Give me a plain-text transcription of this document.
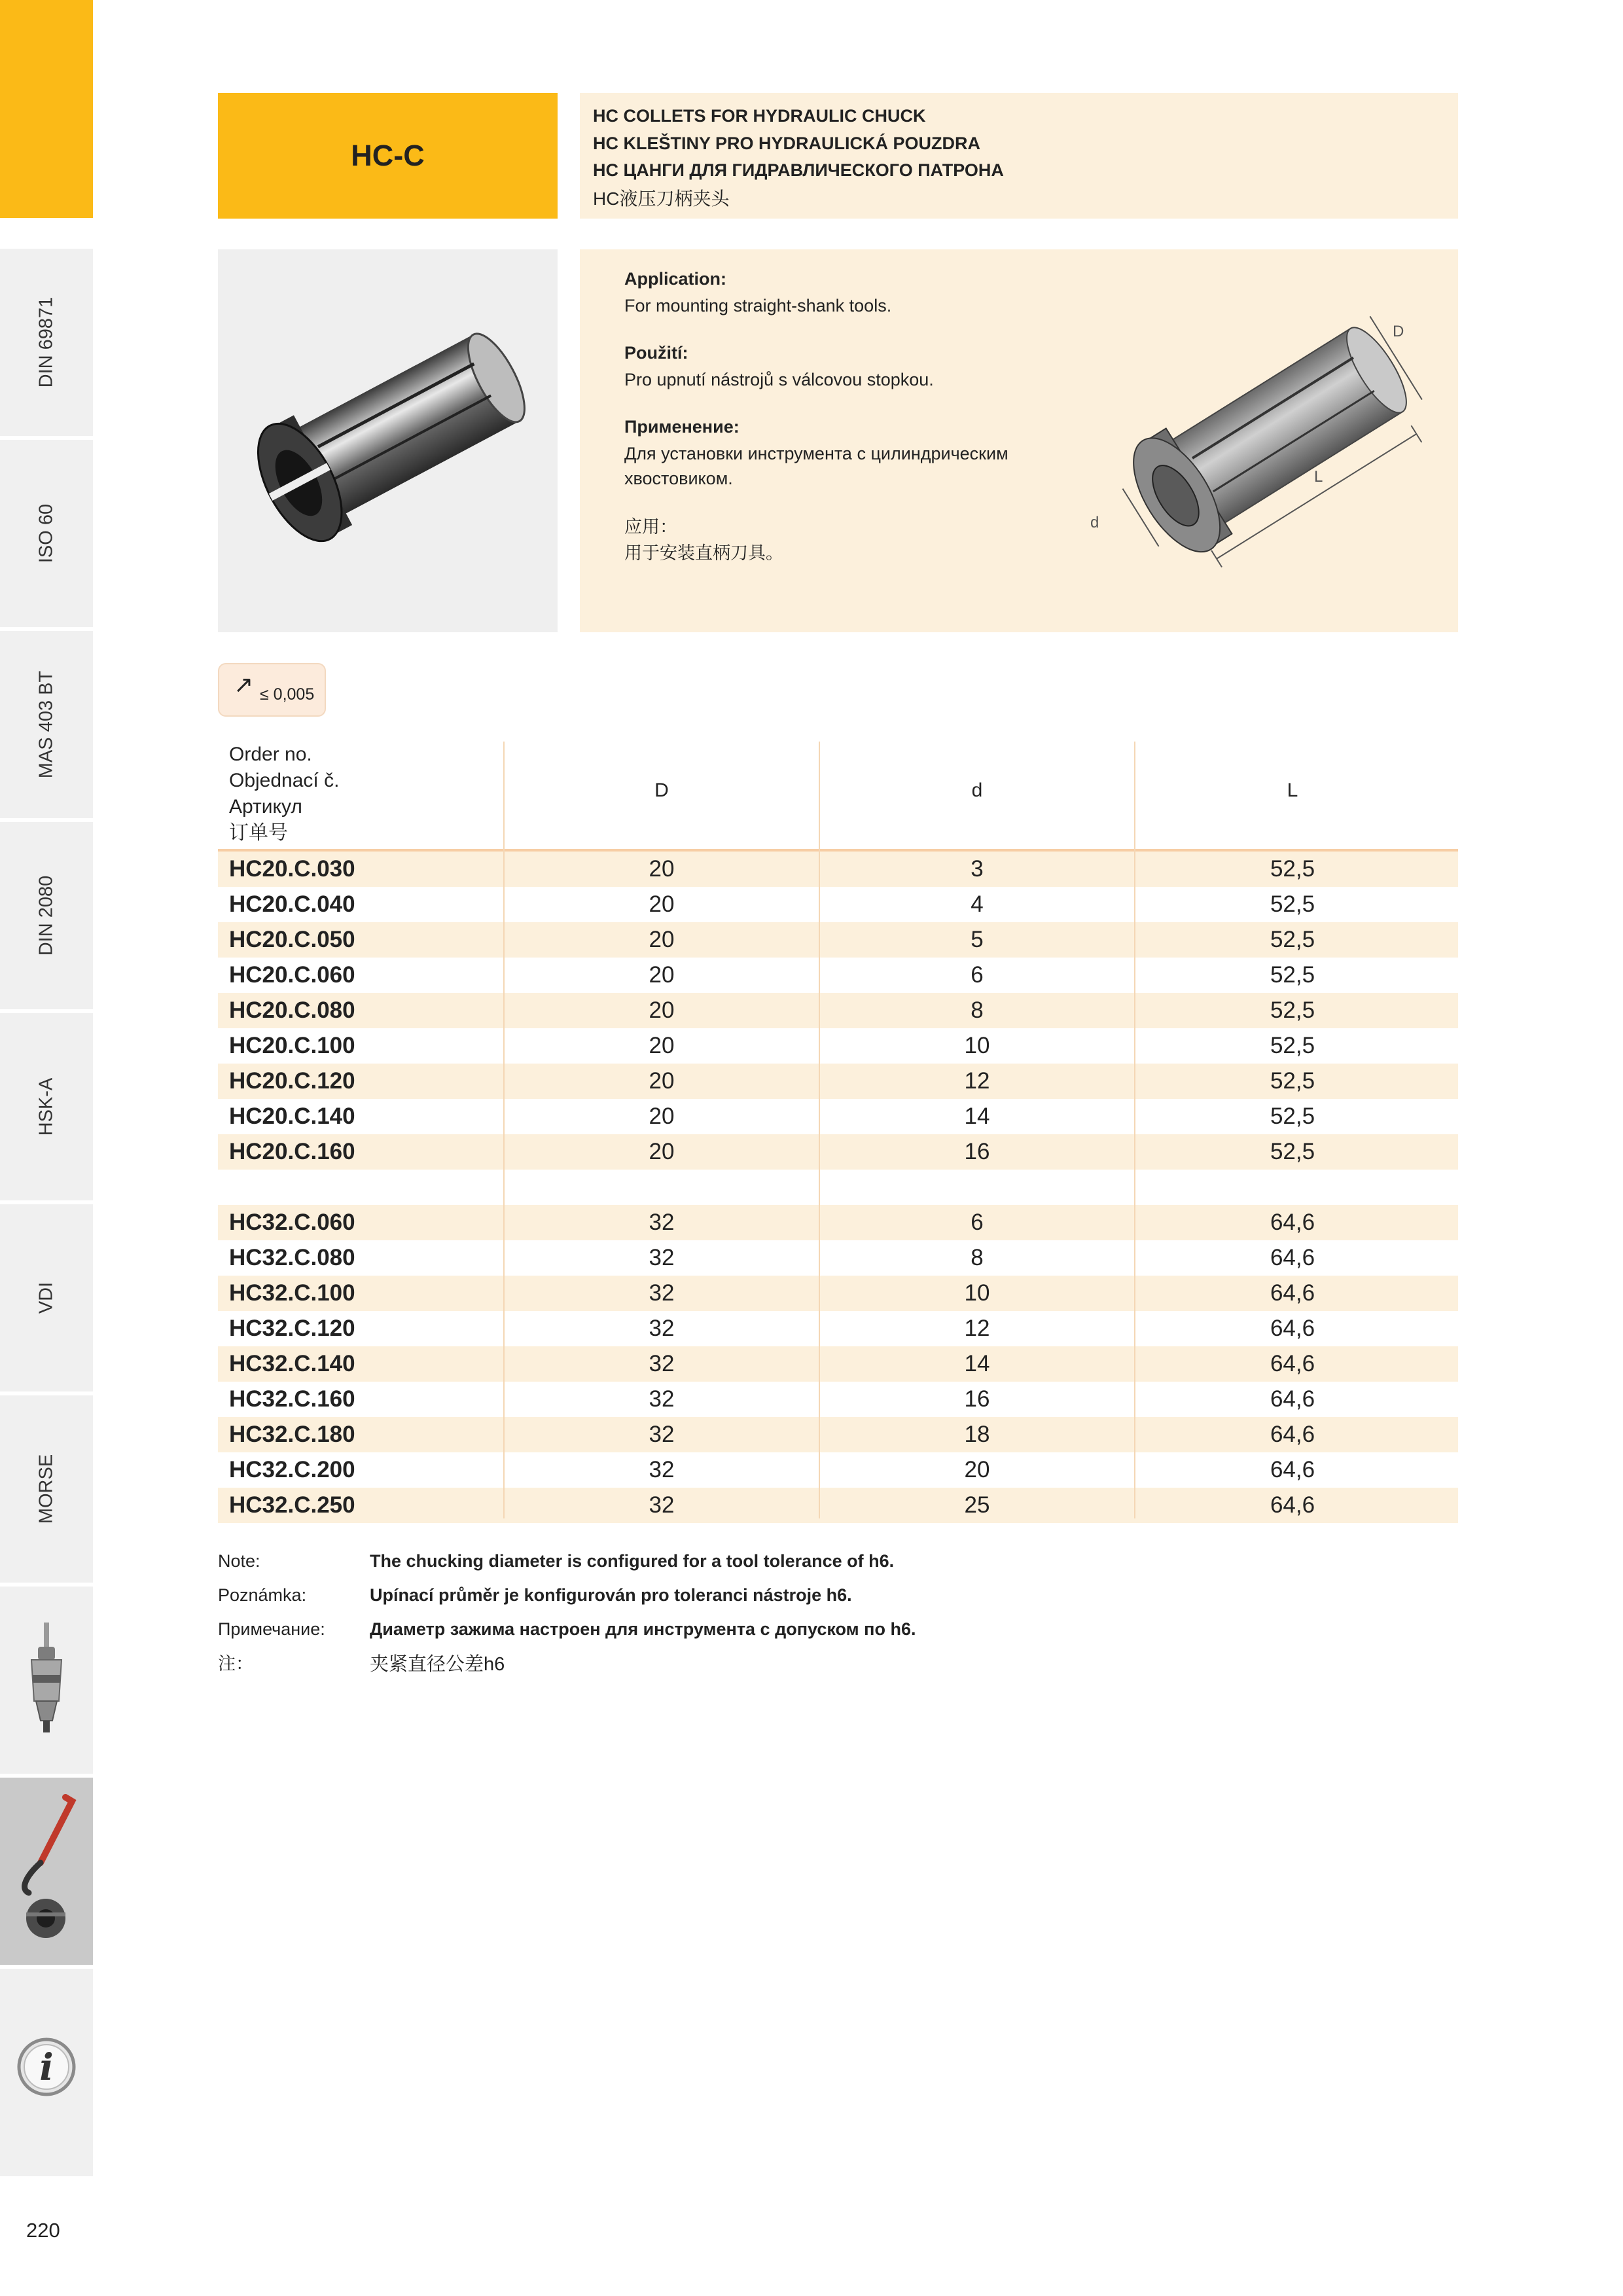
DIN 69871
ISO 60
MAS 403 BT
DIN 2080
HSK-A
VDI
MORSE
i
220
HC-C
HC COLLETS FOR HYDRAULIC CHUCK
HC KLEŠTINY PRO HYDRAULICKÁ POUZDRA
HC ЦАНГИ ДЛЯ ГИДРАВЛИЧЕСКОГО ПАТРОНА
HC液压刀柄夹头
Application:
For mounting straight-shank tools.
Použití:
Pro upnutí nástrojů s válcovou stopkou.
Применение:
Для установки инструмента с цилиндрическим
хвостовиком.
应用：
用于安装直柄刀具。
L
D
d
↗ ≤ 0,005
Order no.
Objednací č.
Артикул
订单号
D	d	L
HC20.C.030	20	3	52,5
HC20.C.040	20	4	52,5
HC20.C.050	20	5	52,5
HC20.C.060	20	6	52,5
HC20.C.080	20	8	52,5
HC20.C.100	20	10	52,5
HC20.C.120	20	12	52,5
HC20.C.140	20	14	52,5
HC20.C.160	20	16	52,5
HC32.C.060	32	6	64,6
HC32.C.080	32	8	64,6
HC32.C.100	32	10	64,6
HC32.C.120	32	12	64,6
HC32.C.140	32	14	64,6
HC32.C.160	32	16	64,6
HC32.C.180	32	18	64,6
HC32.C.200	32	20	64,6
HC32.C.250	32	25	64,6
Note:	The chucking diameter is configured for a tool tolerance of h6.
Poznámka:	Upínací průměr je konfigurován pro toleranci nástroje h6.
Примечание:	Диаметр зажима настроен для инструмента с допуском по h6.
注：	夹紧直径公差h6
